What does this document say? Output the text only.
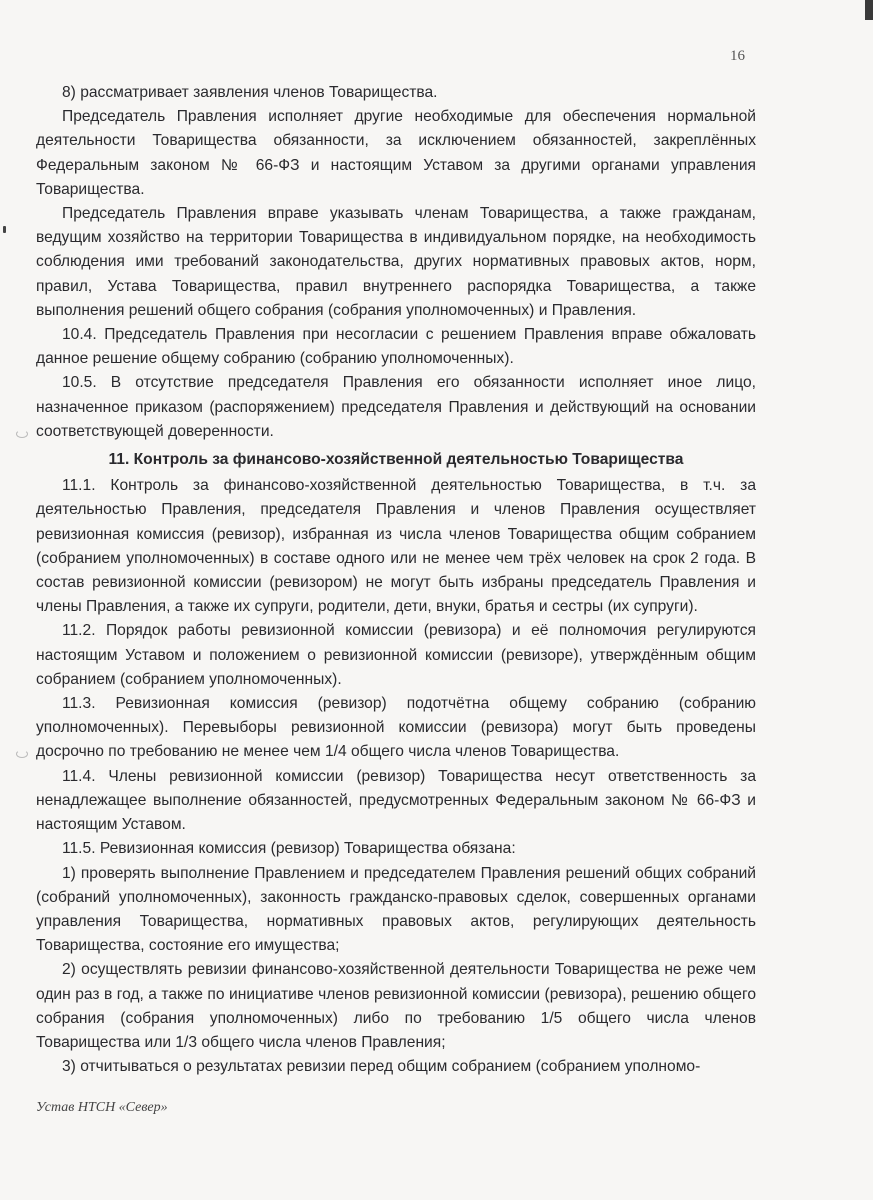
16

8) рассматривает заявления членов Товарищества.

Председатель Правления исполняет другие необходимые для обеспечения нормальной деятельности Товарищества обязанности, за исключением обязанностей, закреплённых Федеральным законом № 66-ФЗ и настоящим Уставом за другими органами управления Товарищества.

Председатель Правления вправе указывать членам Товарищества, а также гражданам, ведущим хозяйство на территории Товарищества в индивидуальном порядке, на необходимость соблюдения ими требований законодательства, других нормативных правовых актов, норм, правил, Устава Товарищества, правил внутреннего распорядка Товарищества, а также выполнения решений общего собрания (собрания уполномоченных) и Правления.

10.4. Председатель Правления при несогласии с решением Правления вправе обжаловать данное решение общему собранию (собранию уполномоченных).

10.5. В отсутствие председателя Правления его обязанности исполняет иное лицо, назначенное приказом (распоряжением) председателя Правления и действующий на основании соответствующей доверенности.

11. Контроль за финансово-хозяйственной деятельностью Товарищества

11.1. Контроль за финансово-хозяйственной деятельностью Товарищества, в т.ч. за деятельностью Правления, председателя Правления и членов Правления осуществляет ревизионная комиссия (ревизор), избранная из числа членов Товарищества общим собранием (собранием уполномоченных) в составе одного или не менее чем трёх человек на срок 2 года. В состав ревизионной комиссии (ревизором) не могут быть избраны председатель Правления и члены Правления, а также их супруги, родители, дети, внуки, братья и сестры (их супруги).

11.2. Порядок работы ревизионной комиссии (ревизора) и её полномочия регулируются настоящим Уставом и положением о ревизионной комиссии (ревизоре), утверждённым общим собранием (собранием уполномоченных).

11.3. Ревизионная комиссия (ревизор) подотчётна общему собранию (собранию уполномоченных). Перевыборы ревизионной комиссии (ревизора) могут быть проведены досрочно по требованию не менее чем 1/4 общего числа членов Товарищества.

11.4. Члены ревизионной комиссии (ревизор) Товарищества несут ответственность за ненадлежащее выполнение обязанностей, предусмотренных Федеральным законом № 66-ФЗ и настоящим Уставом.

11.5. Ревизионная комиссия (ревизор) Товарищества обязана:

1) проверять выполнение Правлением и председателем Правления решений общих собраний (собраний уполномоченных), законность гражданско-правовых сделок, совершенных органами управления Товарищества, нормативных правовых актов, регулирующих деятельность Товарищества, состояние его имущества;

2) осуществлять ревизии финансово-хозяйственной деятельности Товарищества не реже чем один раз в год, а также по инициативе членов ревизионной комиссии (ревизора), решению общего собрания (собрания уполномоченных) либо по требованию 1/5 общего числа членов Товарищества или 1/3 общего числа членов Правления;

3) отчитываться о результатах ревизии перед общим собранием (собранием уполномо-

Устав НТСН «Север»
